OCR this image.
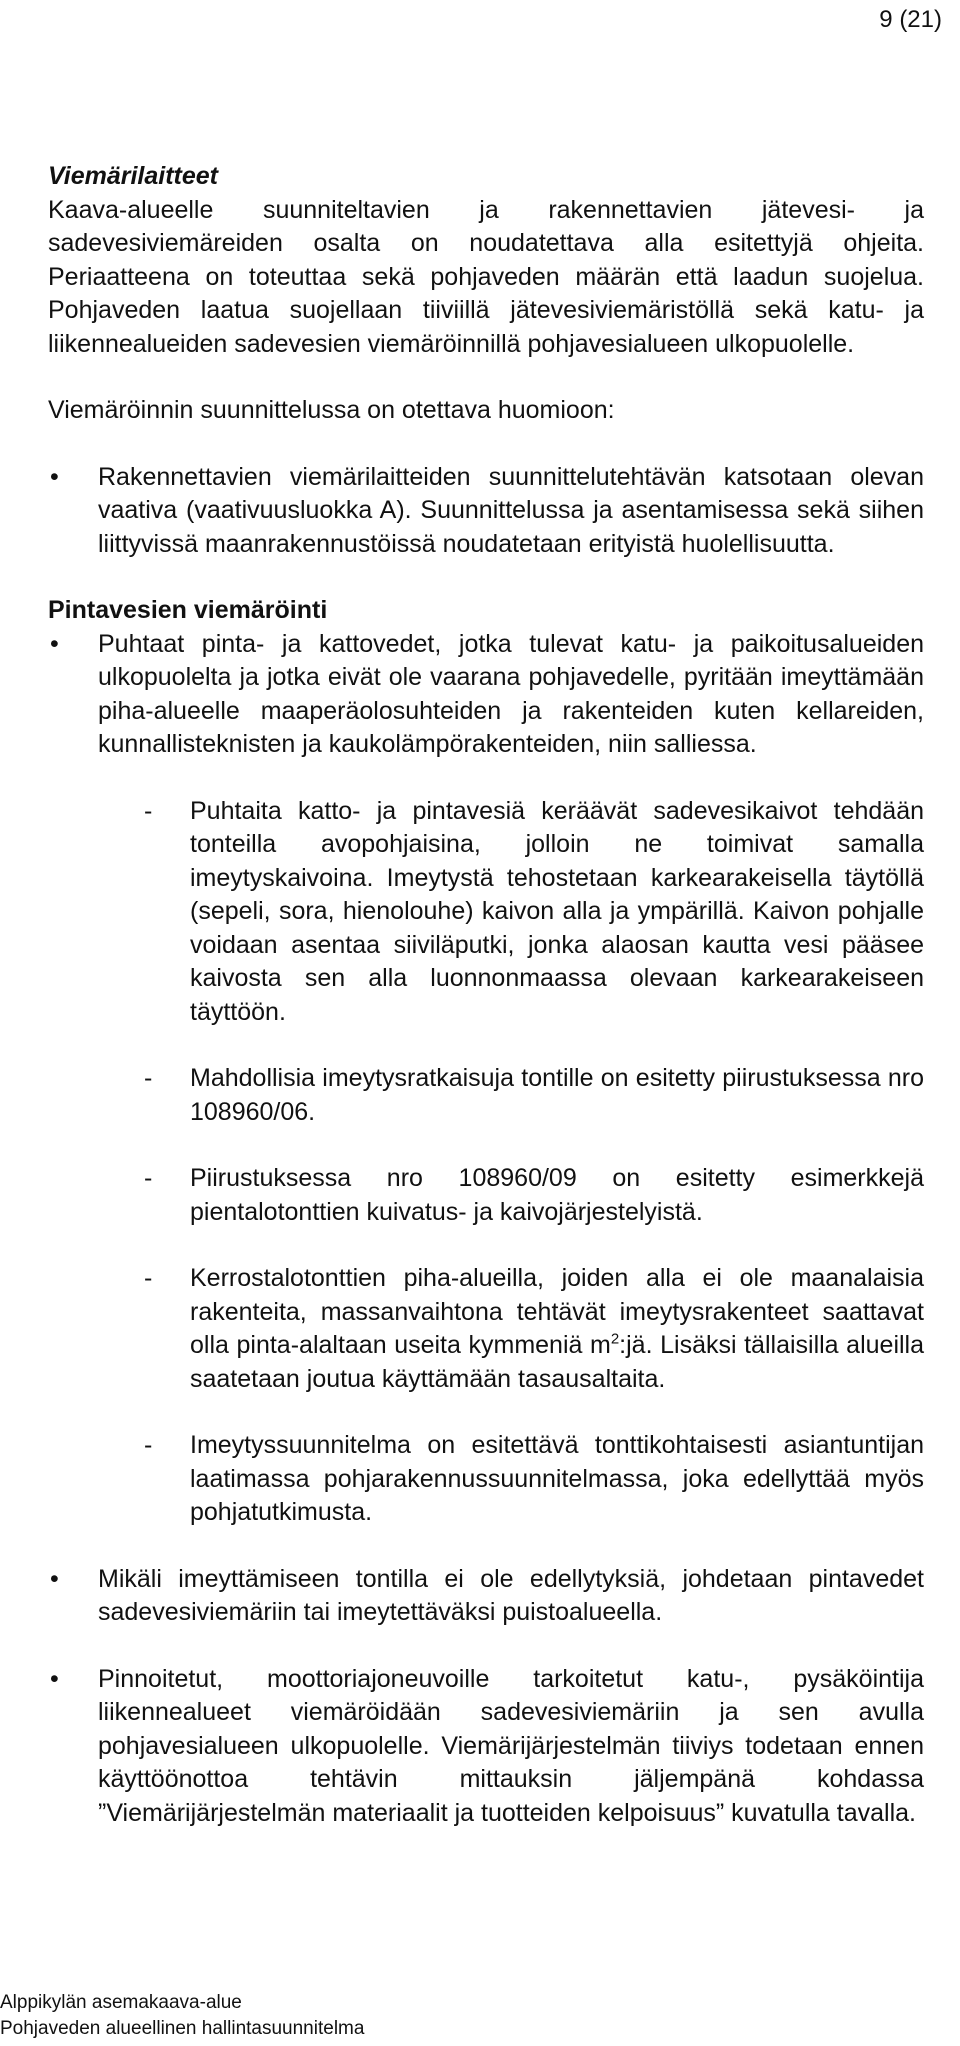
9 (21)

Viemärilaitteet

Kaava-alueelle suunniteltavien ja rakennettavien jätevesi- ja sadevesiviemäreiden osalta on noudatettava alla esitettyjä ohjeita. Periaatteena on toteuttaa sekä pohjaveden määrän että laadun suojelua. Pohjaveden laatua suojellaan tiiviillä jätevesiviemäristöllä sekä katu- ja liikennealueiden sadevesien viemäröinnillä pohjavesialueen ulkopuolelle.

Viemäröinnin suunnittelussa on otettava huomioon:

• Rakennettavien viemärilaitteiden suunnittelutehtävän katsotaan olevan vaativa (vaativuusluokka A). Suunnittelussa ja asentamisessa sekä siihen liittyvissä maanrakennustöissä noudatetaan erityistä huolellisuutta.

Pintavesien viemäröinti

• Puhtaat pinta- ja kattovedet, jotka tulevat katu- ja paikoitusalueiden ulkopuolelta ja jotka eivät ole vaarana pohjavedelle, pyritään imeyttämään piha-alueelle maaperäolosuhteiden ja rakenteiden kuten kellareiden, kunnallisteknisten ja kaukolämpörakenteiden, niin salliessa.
- Puhtaita katto- ja pintavesiä keräävät sadevesikaivot tehdään tonteilla avopohjaisina, jolloin ne toimivat samalla imeytyskaivoina. Imeytystä tehostetaan karkearakeisella täytöllä (sepeli, sora, hienolouhe) kaivon alla ja ympärillä. Kaivon pohjalle voidaan asentaa siiviläputki, jonka alaosan kautta vesi pääsee kaivosta sen alla luonnonmaassa olevaan karkearakeiseen täyttöön.
- Mahdollisia imeytysratkaisuja tontille on esitetty piirustuksessa nro 108960/06.
- Piirustuksessa nro 108960/09 on esitetty esimerkkejä pientalotonttien kuivatus- ja kaivojärjestelyistä.
- Kerrostalotonttien piha-alueilla, joiden alla ei ole maanalaisia rakenteita, massanvaihtona tehtävät imeytysrakenteet saattavat olla pinta-alaltaan useita kymmeniä $m^2:jä$. Lisäksi tällaisilla alueilla saatetaan joutua käyttämään tasausaltaita.
- Imeytyssuunnitelma on esitettävä tonttikohtaisesti asiantuntijan laatimassa pohjarakennussuunnitelmassa, joka edellyttää myös pohjatutkimusta.
• Mikäli imeyttämiseen tontilla ei ole edellytyksiä, johdetaan pintavedet sadevesiviemäriin tai imeytettäväksi puistoalueella.
• Pinnoitetut, moottoriajoneuvoille tarkoitetut katu-, pysäköintija liikennealueet viemäröidään sadevesiviemäriin ja sen avulla pohjavesialueen ulkopuolelle. Viemärijärjestelmän tiiviys todetaan ennen käyttöönottoa tehtävin mittauksin jäljempänä kohdassa ”Viemärijärjestelmän materiaalit ja tuotteiden kelpoisuus” kuvatulla tavalla.
Alppikylän asemakaava-alue
Pohjaveden alueellinen hallintasuunnitelma
